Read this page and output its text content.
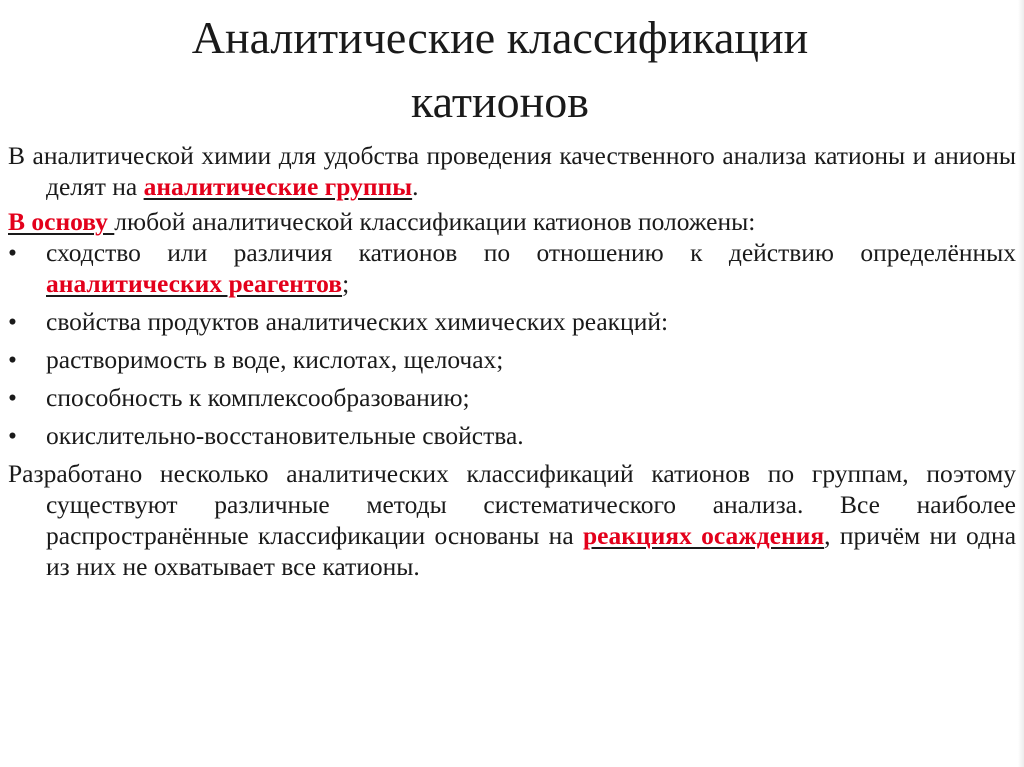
Аналитические классификации
катионов

В аналитической химии для удобства проведения качественного анализа катионы и анионы делят на аналитические группы.

В основу любой аналитической классификации катионов положены:

• сходство или различия катионов по отношению к действию определённых аналитических реагентов;

• свойства продуктов аналитических химических реакций:

• растворимость в воде, кислотах, щелочах;

• способность к комплексообразованию;

• окислительно-восстановительные свойства.

Разработано несколько аналитических классификаций катионов по группам, поэтому существуют различные методы систематического анализа. Все наиболее распространённые классификации основаны на реакциях осаждения, причём ни одна из них не охватывает все катионы.
